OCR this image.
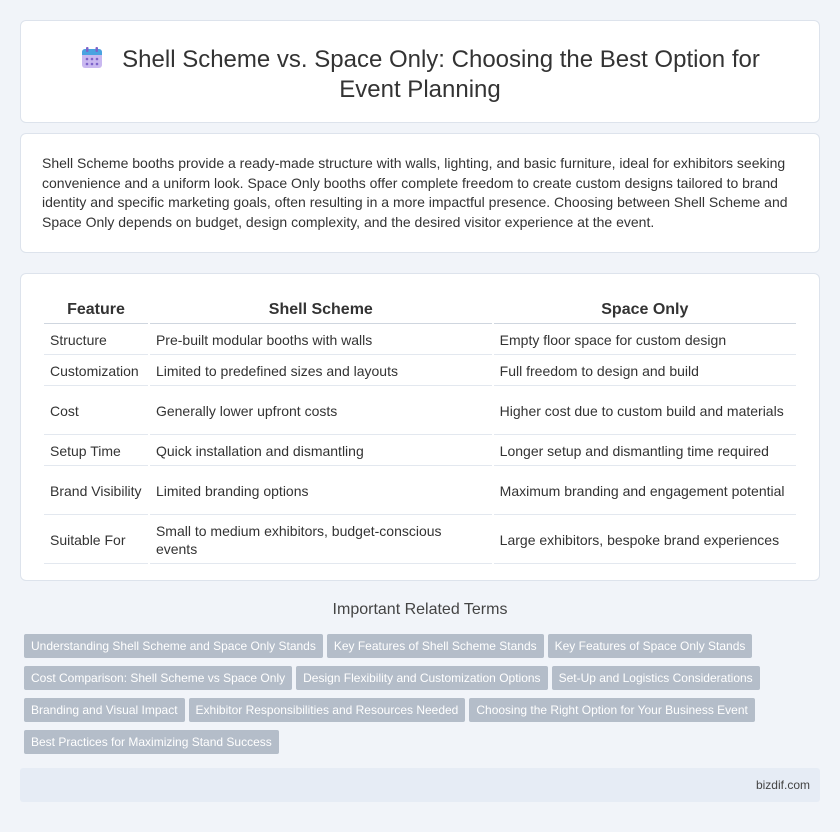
Shell Scheme vs. Space Only: Choosing the Best Option for Event Planning

Shell Scheme booths provide a ready-made structure with walls, lighting, and basic furniture, ideal for exhibitors seeking convenience and a uniform look. Space Only booths offer complete freedom to create custom designs tailored to brand identity and specific marketing goals, often resulting in a more impactful presence. Choosing between Shell Scheme and Space Only depends on budget, design complexity, and the desired visitor experience at the event.

Feature	Shell Scheme	Space Only
Structure	Pre-built modular booths with walls	Empty floor space for custom design
Customization	Limited to predefined sizes and layouts	Full freedom to design and build
Cost	Generally lower upfront costs	Higher cost due to custom build and materials
Setup Time	Quick installation and dismantling	Longer setup and dismantling time required
Brand Visibility	Limited branding options	Maximum branding and engagement potential
Suitable For	Small to medium exhibitors, budget-conscious events	Large exhibitors, bespoke brand experiences
Important Related Terms
Understanding Shell Scheme and Space Only Stands Key Features of Shell Scheme Stands Key Features of Space Only Stands
Cost Comparison: Shell Scheme vs Space Only Design Flexibility and Customization Options Set-Up and Logistics Considerations
Branding and Visual Impact Exhibitor Responsibilities and Resources Needed Choosing the Right Option for Your Business Event
Best Practices for Maximizing Stand Success
bizdif.com
